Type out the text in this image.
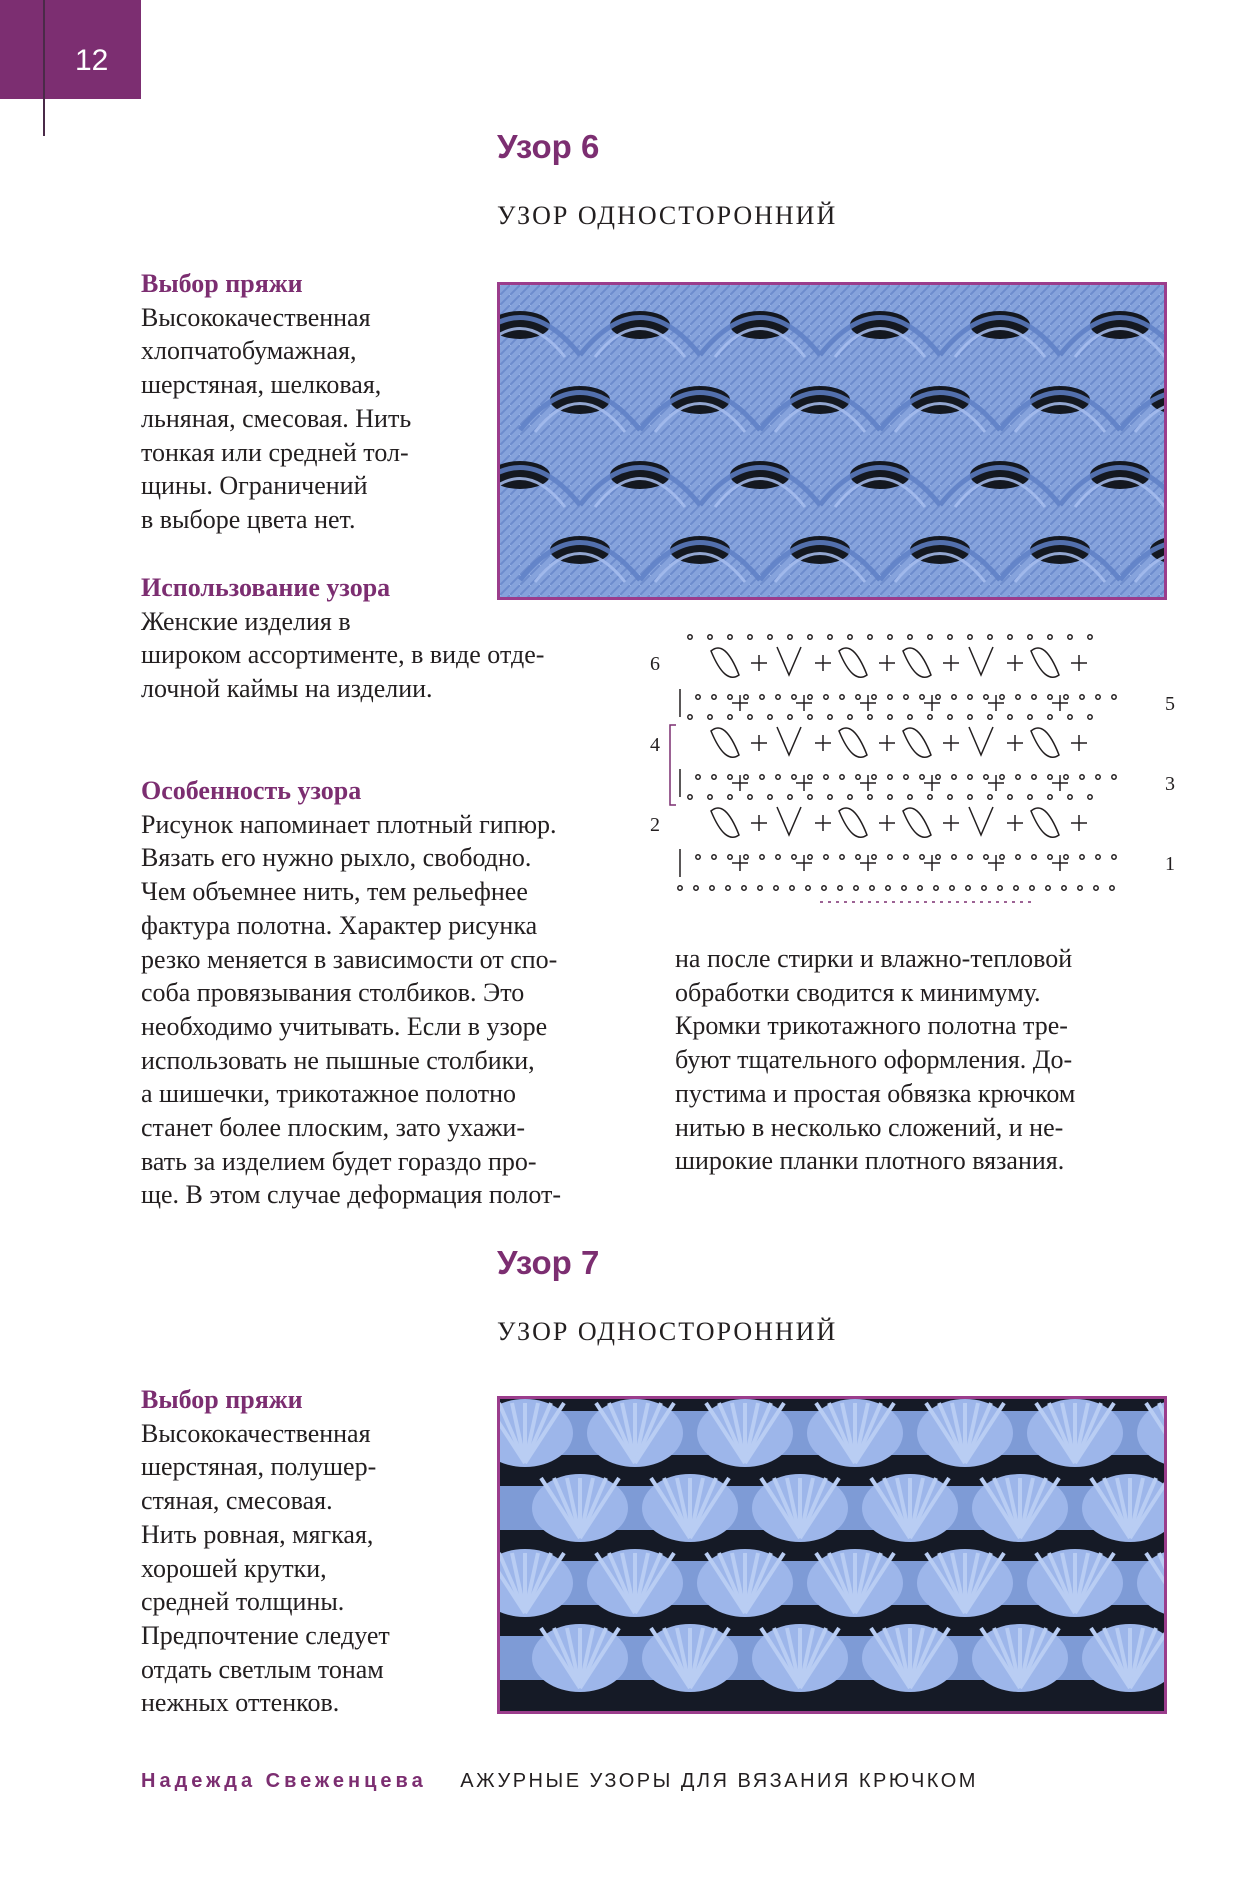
12
Узор 6
УЗОР ОДНОСТОРОННИЙ
Выбор пряжи
Высококачественная
хлопчатобумажная,
шерстяная, шелковая,
льняная, смесовая. Нить
тонкая или средней тол-
щины. Ограничений
в выборе цвета нет.
Использование узора
Женские изделия в
широком ассортименте, в виде отде-
лочной каймы на изделии.
6
5
4
3
2
1
Особенность узора
Рисунок напоминает плотный гипюр.
Вязать его нужно рыхло, свободно.
Чем объемнее нить, тем рельефнее
фактура полотна. Характер рисунка
резко меняется в зависимости от спо-
соба провязывания столбиков. Это
необходимо учитывать. Если в узоре
использовать не пышные столбики,
а шишечки, трикотажное полотно
станет более плоским, зато ухажи-
вать за изделием будет гораздо про-
ще. В этом случае деформация полот-
на после стирки и влажно-тепловой
обработки сводится к минимуму.
Кромки трикотажного полотна тре-
буют тщательного оформления. До-
пустима и простая обвязка крючком
нитью в несколько сложений, и не-
широкие планки плотного вязания.
Узор 7
УЗОР ОДНОСТОРОННИЙ
Выбор пряжи
Высококачественная
шерстяная, полушер-
стяная, смесовая.
Нить ровная, мягкая,
хорошей крутки,
средней толщины.
Предпочтение следует
отдать светлым тонам
нежных оттенков.
Надежда Свеженцева АЖУРНЫЕ УЗОРЫ ДЛЯ ВЯЗАНИЯ КРЮЧКОМ
